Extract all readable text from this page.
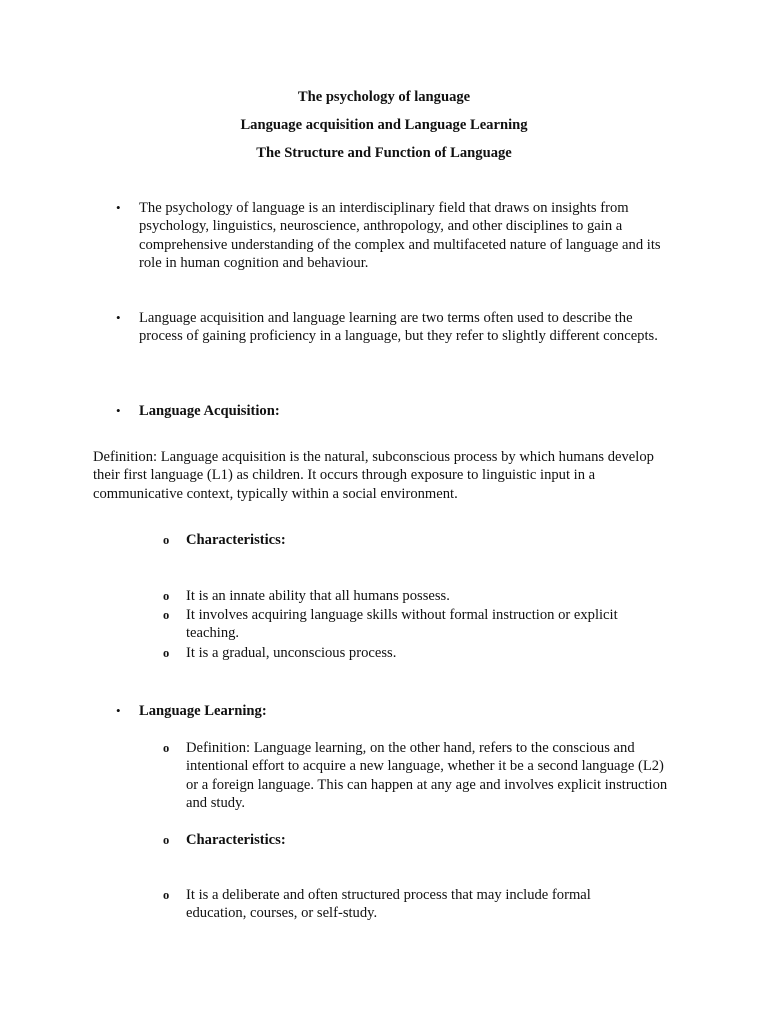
The psychology of language
Language acquisition and Language Learning
The Structure and Function of Language
• The psychology of language is an interdisciplinary field that draws on insights from psychology, linguistics, neuroscience, anthropology, and other disciplines to gain a comprehensive understanding of the complex and multifaceted nature of language and its role in human cognition and behaviour.
• Language acquisition and language learning are two terms often used to describe the process of gaining proficiency in a language, but they refer to slightly different concepts.
• Language Acquisition:
Definition: Language acquisition is the natural, subconscious process by which humans develop their first language (L1) as children. It occurs through exposure to linguistic input in a communicative context, typically within a social environment.
o Characteristics:
o It is an innate ability that all humans possess.
o It involves acquiring language skills without formal instruction or explicit teaching.
o It is a gradual, unconscious process.
• Language Learning:
o Definition: Language learning, on the other hand, refers to the conscious and intentional effort to acquire a new language, whether it be a second language (L2) or a foreign language. This can happen at any age and involves explicit instruction and study.
o Characteristics:
o It is a deliberate and often structured process that may include formal education, courses, or self-study.
